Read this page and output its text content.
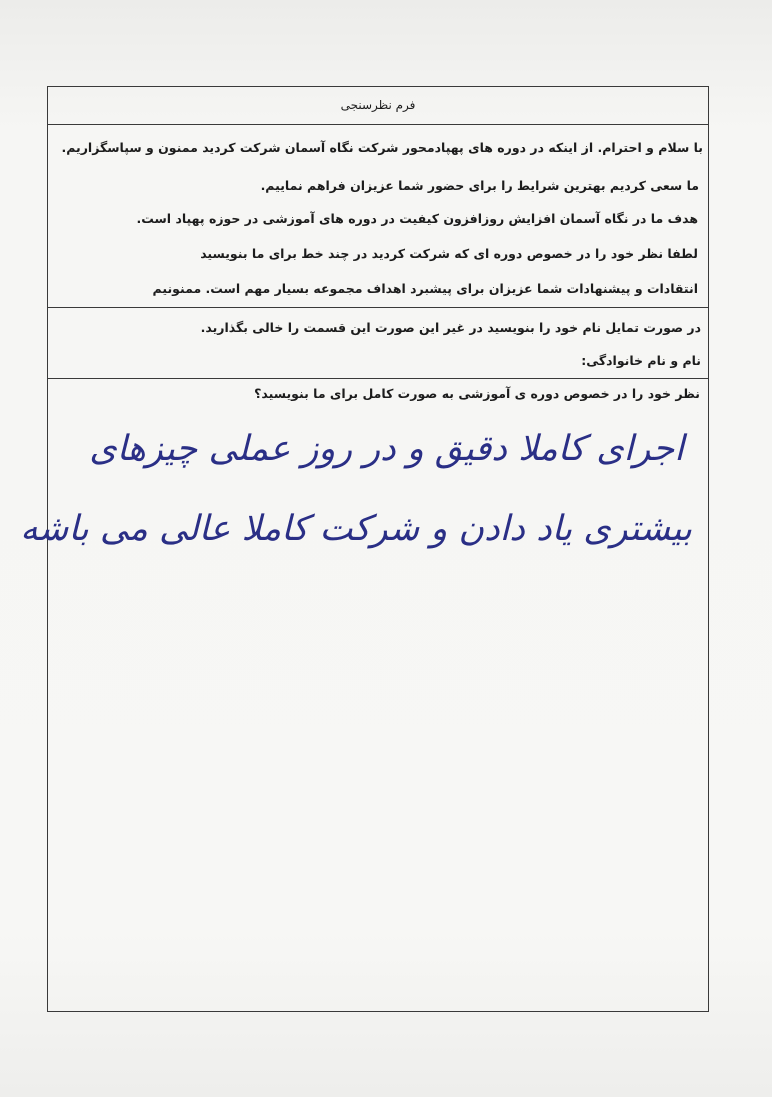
فرم نظرسنجی
با سلام و احترام. از اینکه در دوره های پهپادمحور شرکت نگاه آسمان شرکت کردید ممنون و سپاسگزاریم.
ما سعی کردیم بهترین شرایط را برای حضور شما عزیزان فراهم نماییم.
هدف ما در نگاه آسمان افزایش روزافزون کیفیت در دوره های آموزشی در حوزه پهپاد است.
لطفا نظر خود را در خصوص دوره ای که شرکت کردید در چند خط برای ما بنویسید
انتقادات و پیشنهادات شما عزیزان برای پیشبرد اهداف مجموعه بسیار مهم است. ممنونیم
در صورت تمایل نام خود را بنویسید در غیر این صورت این قسمت را خالی بگذارید.
نام و نام خانوادگی:
نظر خود را در خصوص دوره ی آموزشی به صورت کامل برای ما بنویسید؟
اجرای کاملا دقیق و در روز عملی چیزهای
بیشتری یاد دادن و شرکت کاملا عالی می باشه
